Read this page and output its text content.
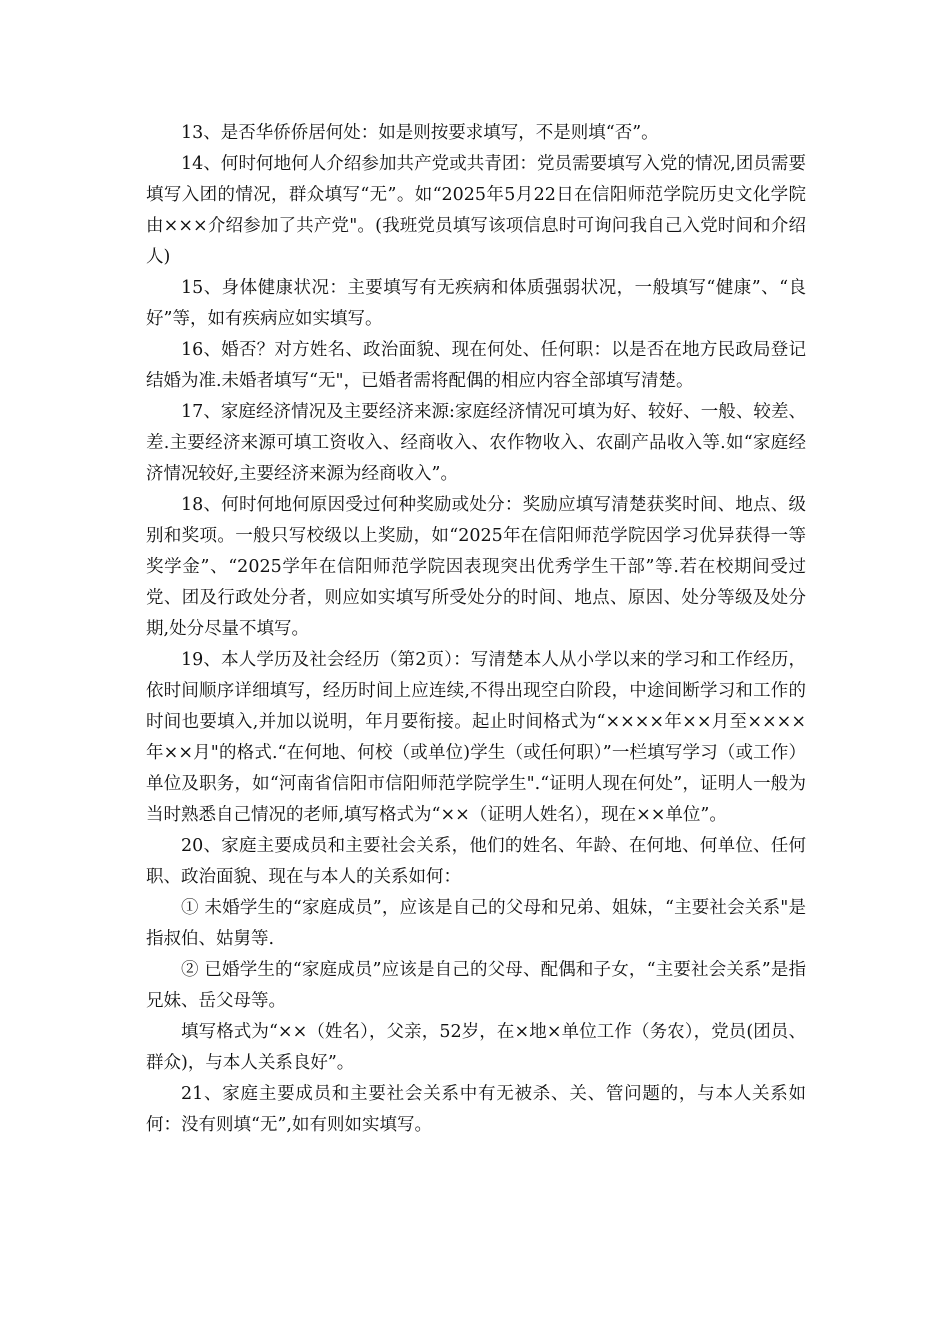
13、是否华侨侨居何处：如是则按要求填写，不是则填“否”。

14、何时何地何人介绍参加共产党或共青团：党员需要填写入党的情况,团员需要填写入团的情况，群众填写“无”。如“2025年5月22日在信阳师范学院历史文化学院由×××介绍参加了共产党"。(我班党员填写该项信息时可询问我自己入党时间和介绍人)

15、身体健康状况：主要填写有无疾病和体质强弱状况，一般填写“健康”、“良好”等，如有疾病应如实填写。

16、婚否？对方姓名、政治面貌、现在何处、任何职：以是否在地方民政局登记结婚为准.未婚者填写“无"，已婚者需将配偶的相应内容全部填写清楚。

17、家庭经济情况及主要经济来源:家庭经济情况可填为好、较好、一般、较差、差.主要经济来源可填工资收入、经商收入、农作物收入、农副产品收入等.如“家庭经济情况较好,主要经济来源为经商收入”。

18、何时何地何原因受过何种奖励或处分：奖励应填写清楚获奖时间、地点、级别和奖项。一般只写校级以上奖励，如“2025年在信阳师范学院因学习优异获得一等奖学金”、“2025学年在信阳师范学院因表现突出优秀学生干部”等.若在校期间受过党、团及行政处分者，则应如实填写所受处分的时间、地点、原因、处分等级及处分期,处分尽量不填写。

19、本人学历及社会经历（第2页）：写清楚本人从小学以来的学习和工作经历，依时间顺序详细填写，经历时间上应连续,不得出现空白阶段，中途间断学习和工作的时间也要填入,并加以说明，年月要衔接。起止时间格式为“××××年××月至××××年××月"的格式.“在何地、何校（或单位)学生（或任何职）”一栏填写学习（或工作）单位及职务，如“河南省信阳市信阳师范学院学生".“证明人现在何处”，证明人一般为当时熟悉自己情况的老师,填写格式为“××（证明人姓名），现在××单位”。

20、家庭主要成员和主要社会关系，他们的姓名、年龄、在何地、何单位、任何职、政治面貌、现在与本人的关系如何：

① 未婚学生的“家庭成员”，应该是自己的父母和兄弟、姐妹，“主要社会关系"是指叔伯、姑舅等.

② 已婚学生的“家庭成员”应该是自己的父母、配偶和子女，“主要社会关系”是指兄妹、岳父母等。

填写格式为“××（姓名），父亲，52岁，在×地×单位工作（务农），党员(团员、群众)，与本人关系良好”。

21、家庭主要成员和主要社会关系中有无被杀、关、管问题的，与本人关系如何：没有则填“无”,如有则如实填写。
